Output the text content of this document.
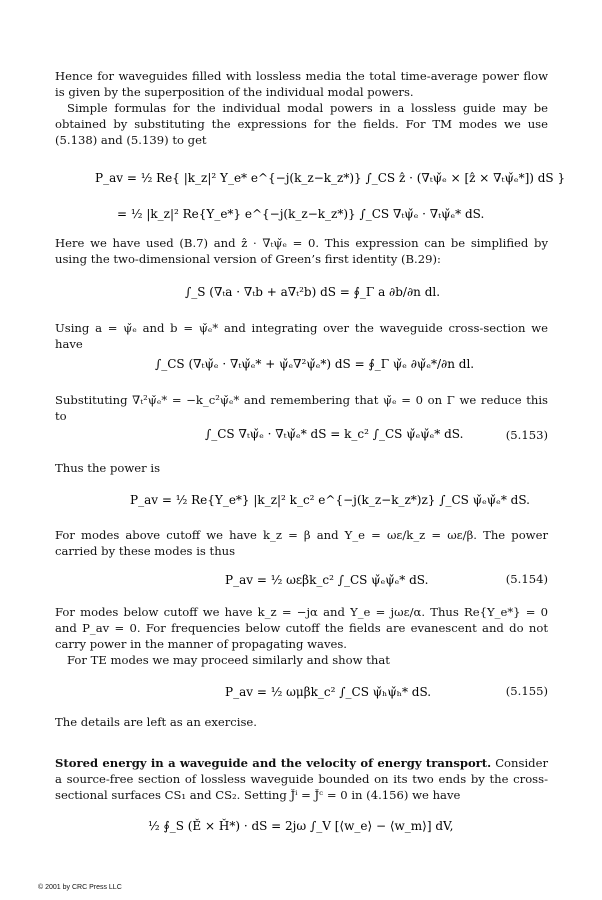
Hence for waveguides filled with lossless media the total time-average power flow is given by the superposition of the individual modal powers.

Simple formulas for the individual modal powers in a lossless guide may be obtained by substituting the expressions for the fields. For TM modes we use (5.138) and (5.139) to get

P_av = ½ Re{ |k_z|² Y_e* e^{−j(k_z−k_z*)} ∫_CS ẑ · (∇ₜψ̌ₑ × [ẑ × ∇ₜψ̌ₑ*]) dS }
= ½ |k_z|² Re{Y_e*} e^{−j(k_z−k_z*)} ∫_CS ∇ₜψ̌ₑ · ∇ₜψ̌ₑ* dS.

Here we have used (B.7) and ẑ · ∇ₜψ̌ₑ = 0. This expression can be simplified by using the two-dimensional version of Green’s first identity (B.29):

∫_S (∇ₜa · ∇ₜb + a∇ₜ²b) dS = ∮_Γ a ∂b/∂n dl.

Using a = ψ̌ₑ and b = ψ̌ₑ* and integrating over the waveguide cross-section we have

∫_CS (∇ₜψ̌ₑ · ∇ₜψ̌ₑ* + ψ̌ₑ∇²ψ̌ₑ*) dS = ∮_Γ ψ̌ₑ ∂ψ̌ₑ*/∂n dl.

Substituting ∇ₜ²ψ̌ₑ* = −k_c²ψ̌ₑ* and remembering that ψ̌ₑ = 0 on Γ we reduce this to

∫_CS ∇ₜψ̌ₑ · ∇ₜψ̌ₑ* dS = k_c² ∫_CS ψ̌ₑψ̌ₑ* dS.	(5.153)

Thus the power is

P_av = ½ Re{Y_e*} |k_z|² k_c² e^{−j(k_z−k_z*)z} ∫_CS ψ̌ₑψ̌ₑ* dS.

For modes above cutoff we have k_z = β and Y_e = ωε/k_z = ωε/β. The power carried by these modes is thus

P_av = ½ ωεβk_c² ∫_CS ψ̌ₑψ̌ₑ* dS.	(5.154)

For modes below cutoff we have k_z = −jα and Y_e = jωε/α. Thus Re{Y_e*} = 0 and P_av = 0. For frequencies below cutoff the fields are evanescent and do not carry power in the manner of propagating waves.

For TE modes we may proceed similarly and show that

P_av = ½ ωμβk_c² ∫_CS ψ̌ₕψ̌ₕ* dS.	(5.155)

The details are left as an exercise.

Stored energy in a waveguide and the velocity of energy transport. Consider a source-free section of lossless waveguide bounded on its two ends by the cross-sectional surfaces CS₁ and CS₂. Setting J̌ⁱ = J̌ᶜ = 0 in (4.156) we have

½ ∮_S (Ě × Ȟ*) · dS = 2jω ∫_V [⟨w_e⟩ − ⟨w_m⟩] dV,
© 2001 by CRC Press LLC
